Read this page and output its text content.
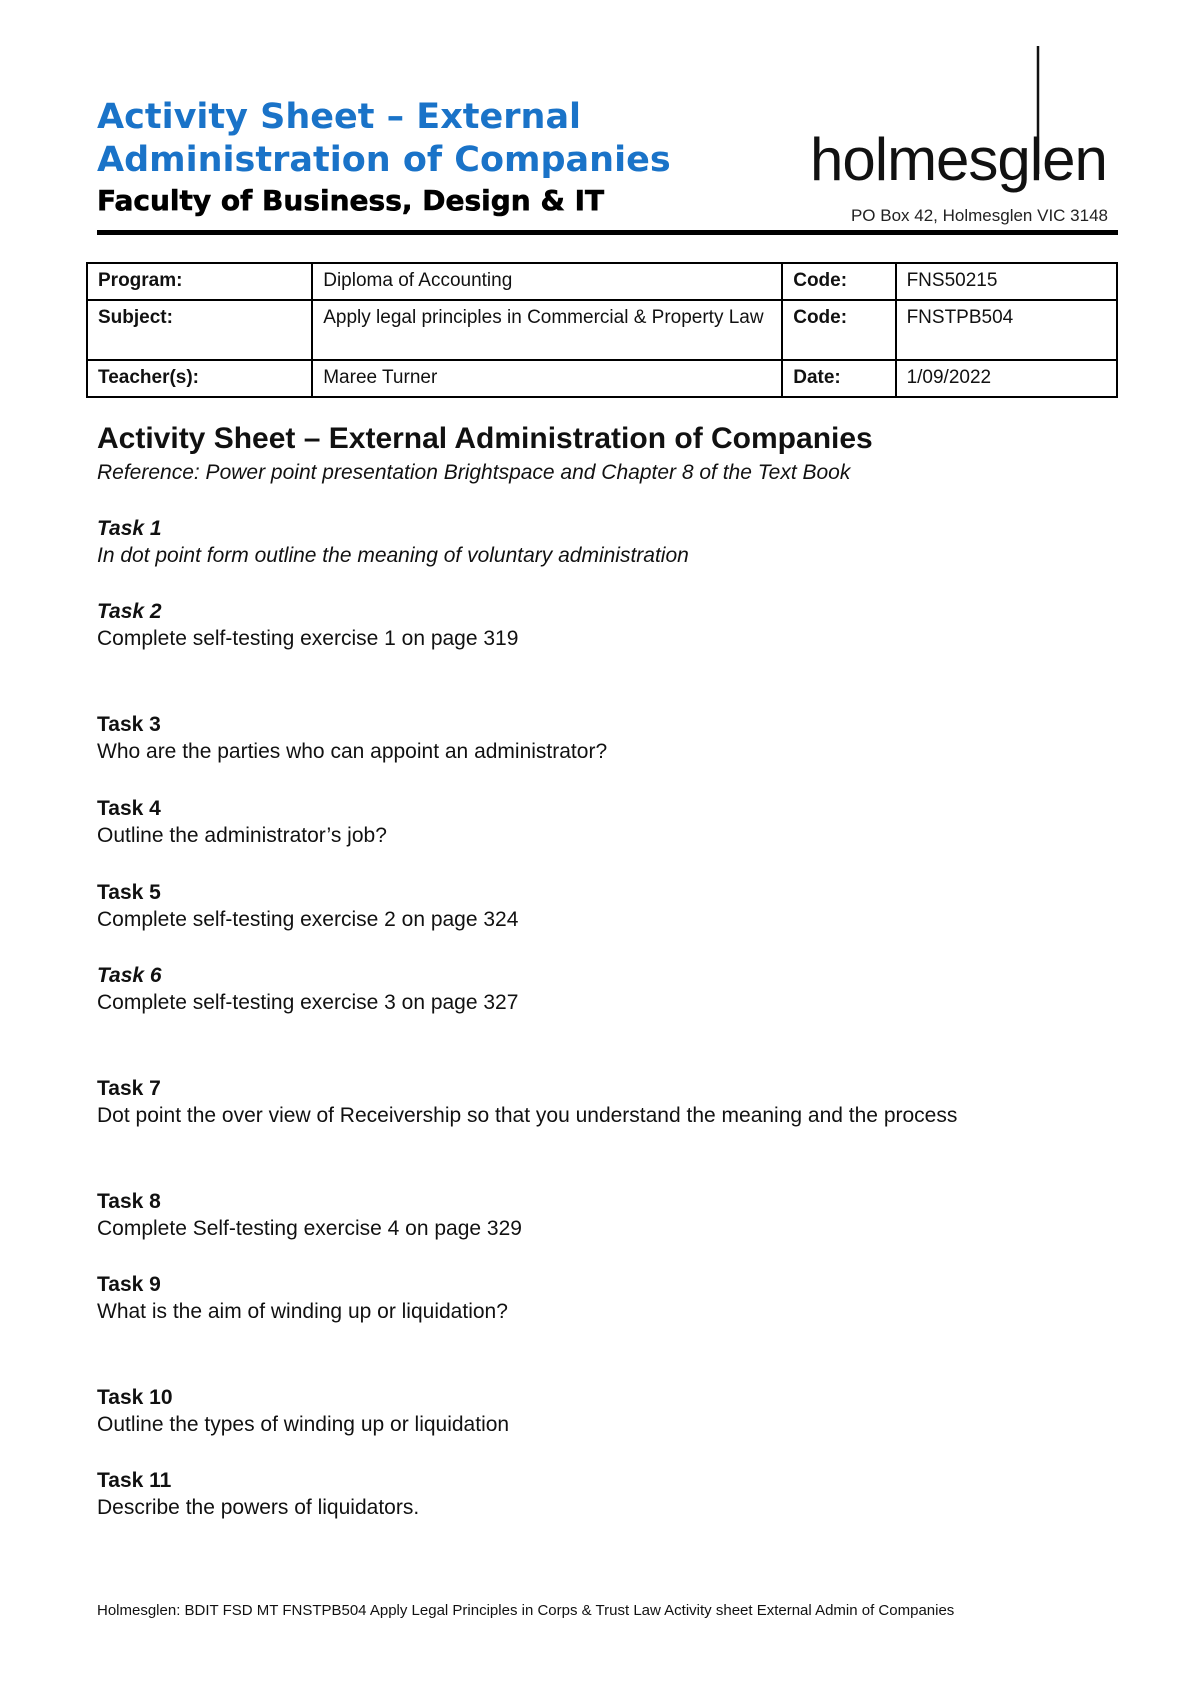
Activity Sheet – External
Administration of Companies
Faculty of Business, Design & IT
holmesglen
PO Box 42, Holmesglen VIC 3148
Program:	Diploma of Accounting	Code:	FNS50215
Subject:	Apply legal principles in Commercial & Property Law	Code:	FNSTPB504
Teacher(s):	Maree Turner	Date:	1/09/2022
Activity Sheet – External Administration of Companies
Reference: Power point presentation Brightspace and Chapter 8 of the Text Book
Task 1
In dot point form outline the meaning of voluntary administration
Task 2
Complete self-testing exercise 1 on page 319
Task 3
Who are the parties who can appoint an administrator?
Task 4
Outline the administrator’s job?
Task 5
Complete self-testing exercise 2 on page 324
Task 6
Complete self-testing exercise 3 on page 327
Task 7
Dot point the over view of Receivership so that you understand the meaning and the process
Task 8
Complete Self-testing exercise 4 on page 329
Task 9
What is the aim of winding up or liquidation?
Task 10
Outline the types of winding up or liquidation
Task 11
Describe the powers of liquidators.
Holmesglen: BDIT FSD MT FNSTPB504 Apply Legal Principles in Corps & Trust Law Activity sheet External Admin of Companies
